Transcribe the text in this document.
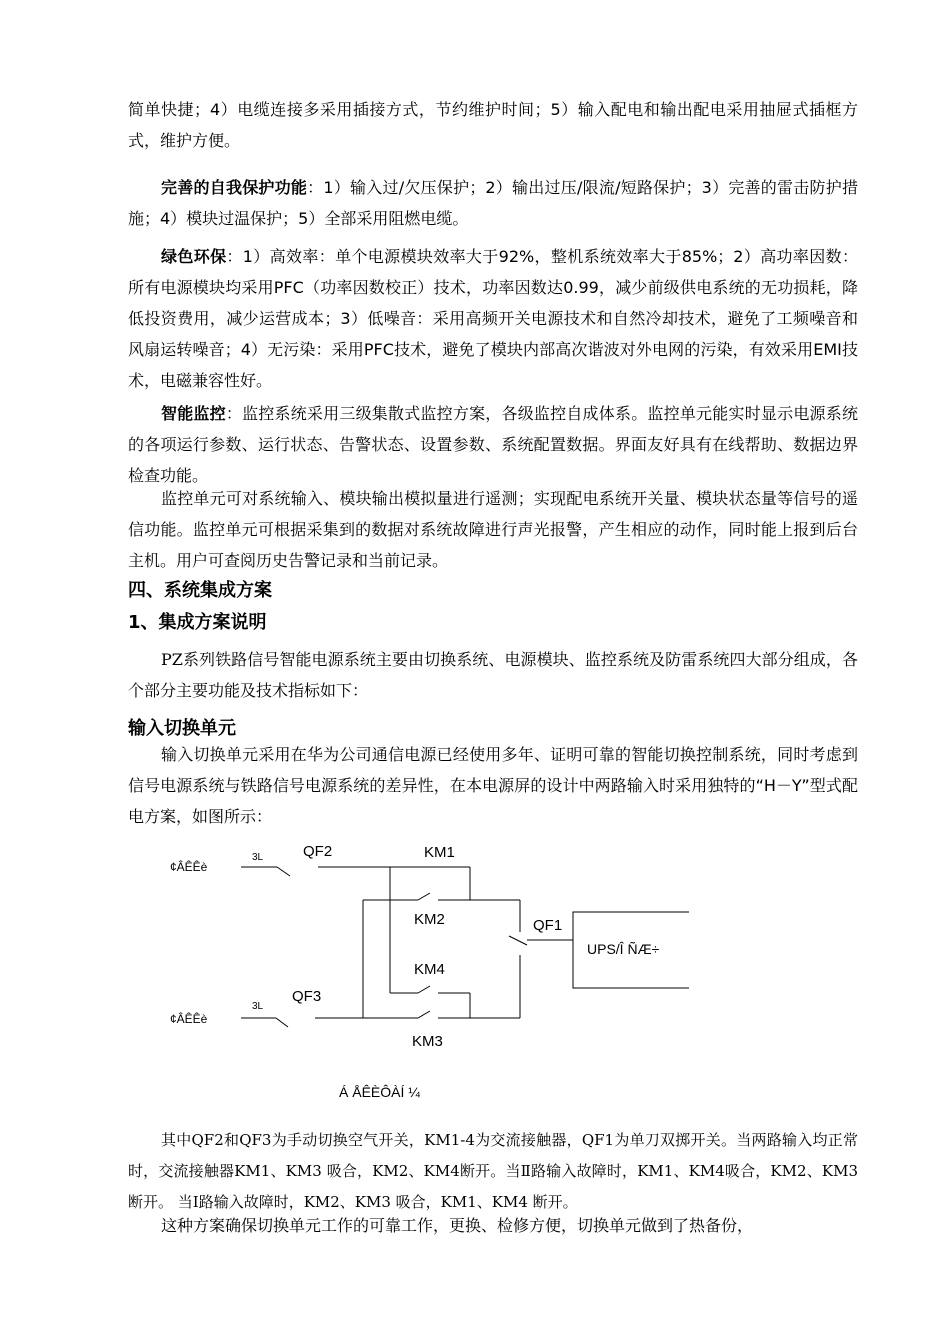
简单快捷；4）电缆连接多采用插接方式，节约维护时间；5）输入配电和输出配电采用抽屉式插框方式，维护方便。

完善的自我保护功能：1）输入过/欠压保护；2）输出过压/限流/短路保护；3）完善的雷击防护措施；4）模块过温保护；5）全部采用阻燃电缆。

绿色环保：1）高效率：单个电源模块效率大于92%，整机系统效率大于85%；2）高功率因数：所有电源模块均采用PFC（功率因数校正）技术，功率因数达0.99，减少前级供电系统的无功损耗，降低投资费用，减少运营成本；3）低噪音：采用高频开关电源技术和自然冷却技术，避免了工频噪音和风扇运转噪音；4）无污染：采用PFC技术，避免了模块内部高次谐波对外电网的污染，有效采用EMI技术，电磁兼容性好。

智能监控：监控系统采用三级集散式监控方案，各级监控自成体系。监控单元能实时显示电源系统的各项运行参数、运行状态、告警状态、设置参数、系统配置数据。界面友好具有在线帮助、数据边界检查功能。

监控单元可对系统输入、模块输出模拟量进行遥测；实现配电系统开关量、模块状态量等信号的遥信功能。监控单元可根据采集到的数据对系统故障进行声光报警，产生相应的动作，同时能上报到后台主机。用户可查阅历史告警记录和当前记录。

四、系统集成方案
1、集成方案说明

PZ系列铁路信号智能电源系统主要由切换系统、电源模块、监控系统及防雷系统四大部分组成，各个部分主要功能及技术指标如下：

输入切换单元

输入切换单元采用在华为公司通信电源已经使用多年、证明可靠的智能切换控制系统，同时考虑到信号电源系统与铁路信号电源系统的差异性，在本电源屏的设计中两路输入时采用独特的“H－Y”型式配电方案，如图所示：

¢ÂÊÊè
3L	QF2	KM1
KM2	QF1
UPS/Î ÑÆ÷
KM4
¢ÂÊÊè
3L
QF3
KM3
Á ÅÊÈÔÀÍ ¼

其中QF2和QF3为手动切换空气开关，KM1-4为交流接触器，QF1为单刀双掷开关。当两路输入均正常时，交流接触器KM1、KM3 吸合，KM2、KM4断开。当Ⅱ路输入故障时，KM1、KM4吸合，KM2、KM3 断开。 当Ⅰ路输入故障时，KM2、KM3 吸合，KM1、KM4 断开。

这种方案确保切换单元工作的可靠工作，更换、检修方便，切换单元做到了热备份，
